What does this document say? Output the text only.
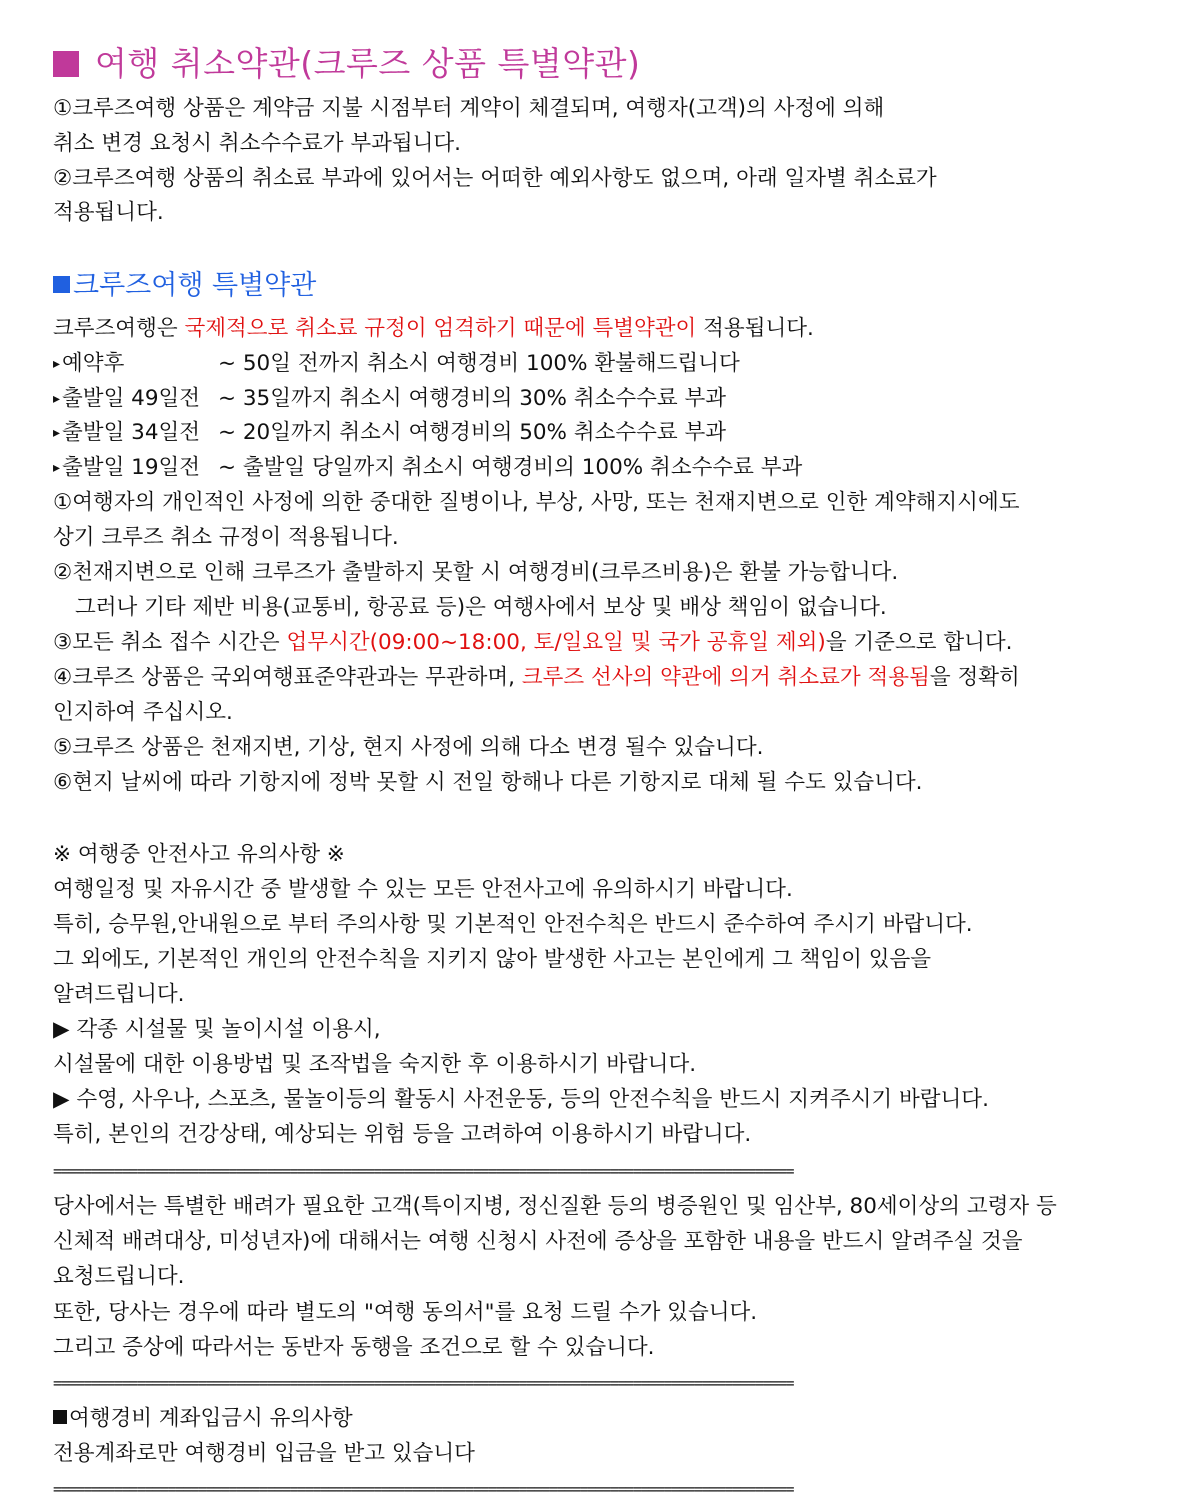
여행 취소약관(크루즈 상품 특별약관)
①크루즈여행 상품은 계약금 지불 시점부터 계약이 체결되며, 여행자(고객)의 사정에 의해
취소 변경 요청시 취소수수료가 부과됩니다.
②크루즈여행 상품의 취소료 부과에 있어서는 어떠한 예외사항도 없으며, 아래 일자별 취소료가
적용됩니다.
크루즈여행 특별약관
크루즈여행은 국제적으로 취소료 규정이 엄격하기 때문에 특별약관이 적용됩니다.
▸예약후	~ 50일 전까지 취소시 여행경비 100% 환불해드립니다
▸출발일 49일전 ~ 35일까지 취소시 여행경비의 30% 취소수수료 부과
▸출발일 34일전 ~ 20일까지 취소시 여행경비의 50% 취소수수료 부과
▸출발일 19일전 ~ 출발일 당일까지 취소시 여행경비의 100% 취소수수료 부과
①여행자의 개인적인 사정에 의한 중대한 질병이나, 부상, 사망, 또는 천재지변으로 인한 계약해지시에도
상기 크루즈 취소 규정이 적용됩니다.
②천재지변으로 인해 크루즈가 출발하지 못할 시 여행경비(크루즈비용)은 환불 가능합니다.
그러나 기타 제반 비용(교통비, 항공료 등)은 여행사에서 보상 및 배상 책임이 없습니다.
③모든 취소 접수 시간은 업무시간(09:00~18:00, 토/일요일 및 국가 공휴일 제외)을 기준으로 합니다.
④크루즈 상품은 국외여행표준약관과는 무관하며, 크루즈 선사의 약관에 의거 취소료가 적용됨을 정확히
인지하여 주십시오.
⑤크루즈 상품은 천재지변, 기상, 현지 사정에 의해 다소 변경 될수 있습니다.
⑥현지 날씨에 따라 기항지에 정박 못할 시 전일 항해나 다른 기항지로 대체 될 수도 있습니다.
※ 여행중 안전사고 유의사항 ※
여행일정 및 자유시간 중 발생할 수 있는 모든 안전사고에 유의하시기 바랍니다.
특히, 승무원,안내원으로 부터 주의사항 및 기본적인 안전수칙은 반드시 준수하여 주시기 바랍니다.
그 외에도, 기본적인 개인의 안전수칙을 지키지 않아 발생한 사고는 본인에게 그 책임이 있음을
알려드립니다.
▶ 각종 시설물 및 놀이시설 이용시,
시설물에 대한 이용방법 및 조작법을 숙지한 후 이용하시기 바랍니다.
▶ 수영, 사우나, 스포츠, 물놀이등의 활동시 사전운동, 등의 안전수칙을 반드시 지켜주시기 바랍니다.
특히, 본인의 건강상태, 예상되는 위험 등을 고려하여 이용하시기 바랍니다.
=================================================================================================
당사에서는 특별한 배려가 필요한 고객(특이지병, 정신질환 등의 병증원인 및 임산부, 80세이상의 고령자 등
신체적 배려대상, 미성년자)에 대해서는 여행 신청시 사전에 증상을 포함한 내용을 반드시 알려주실 것을
요청드립니다.
또한, 당사는 경우에 따라 별도의 "여행 동의서"를 요청 드릴 수가 있습니다.
그리고 증상에 따라서는 동반자 동행을 조건으로 할 수 있습니다.
=================================================================================================
여행경비 계좌입금시 유의사항
전용계좌로만 여행경비 입금을 받고 있습니다
=================================================================================================
